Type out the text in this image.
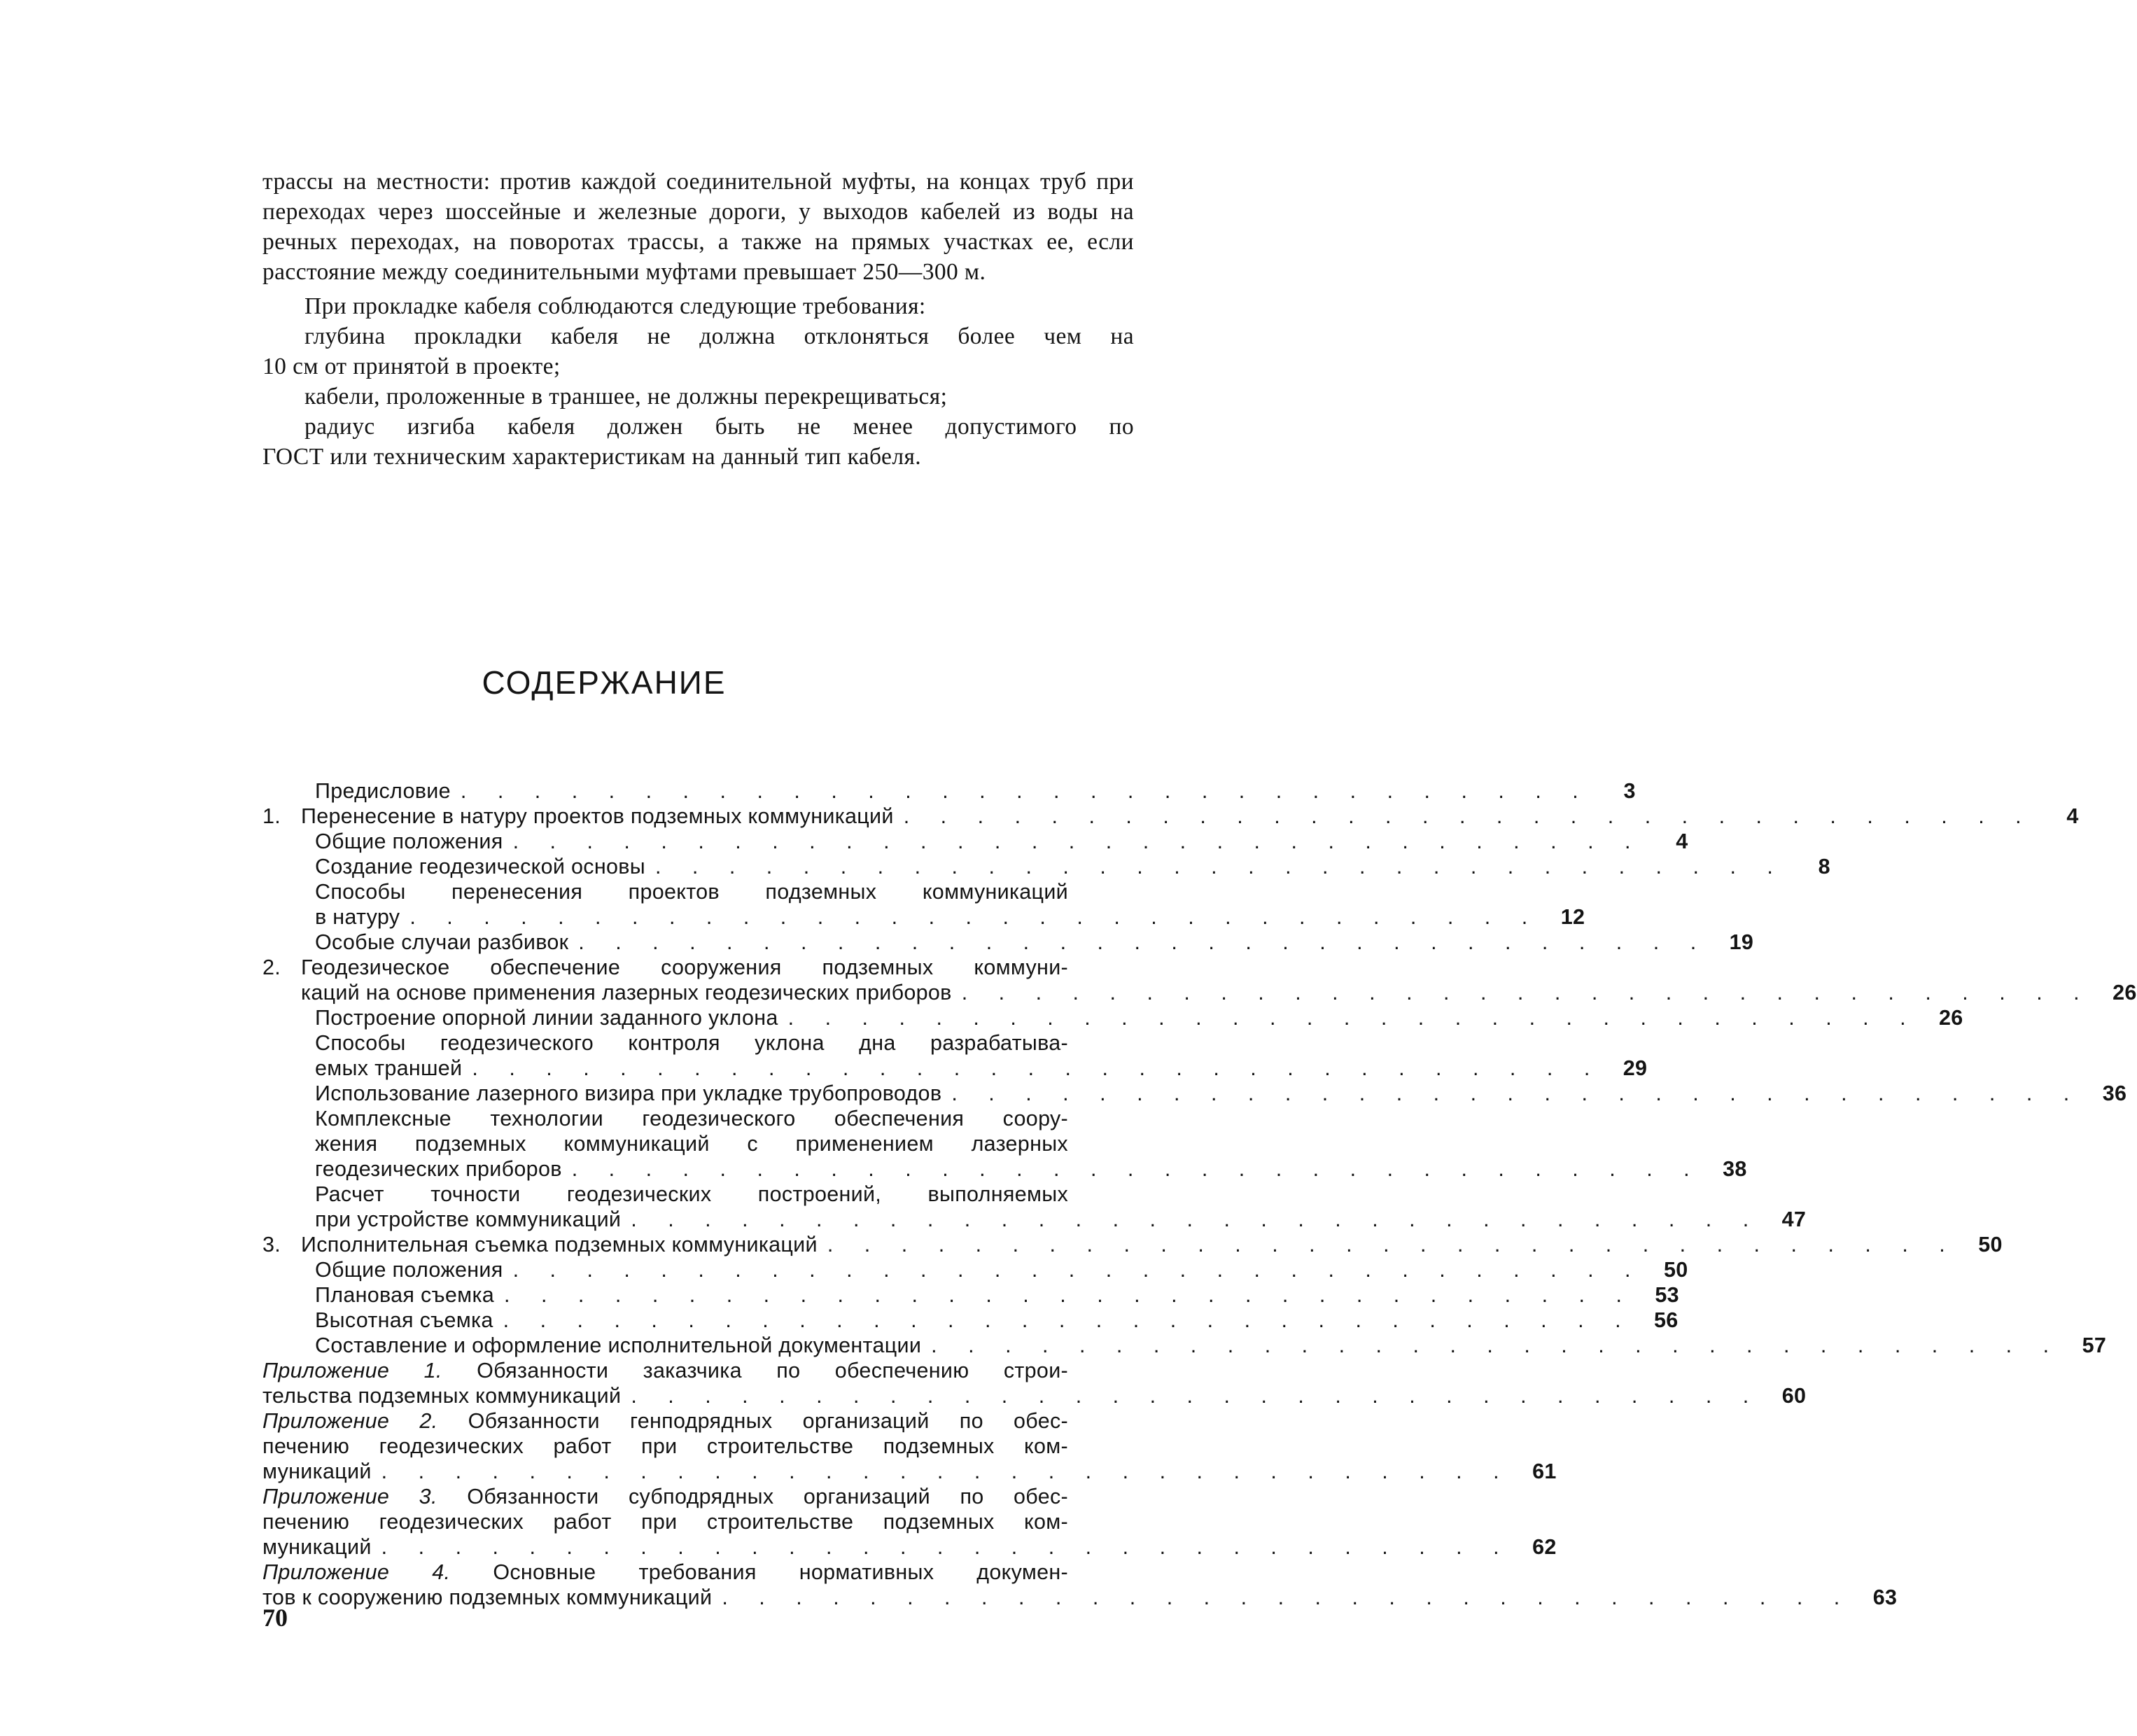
трассы на местности: против каждой соединительной муфты, на концах труб при переходах через шоссейные и железные дороги, у выходов кабелей из воды на речных переходах, на поворотах трассы, а также на прямых участках ее, если расстояние между соединительными муфтами превышает 250—300 м.

При прокладке кабеля соблюдаются следующие требования:

глубина прокладки кабеля не должна отклоняться более чем на

10 см от принятой в проекте;

кабели, проложенные в траншее, не должны перекрещиваться;

радиус изгиба кабеля должен быть не менее допустимого по

ГОСТ или техническим характеристикам на данный тип кабеля.

СОДЕРЖАНИЕ
Предисловие . . . . . . . . . . . . . . . . . . . . . . . . . . . . . . .	3
1. Перенесение в натуру проектов подземных коммуникаций . . . . . . . . . . . . . . . . . . . . . . . . . . . . . . .	4
Общие положения . . . . . . . . . . . . . . . . . . . . . . . . . . . . . . .	4
Создание геодезической основы . . . . . . . . . . . . . . . . . . . . . . . . . . . . . . .	8
Способы перенесения проектов подземных коммуникаций
в натуру . . . . . . . . . . . . . . . . . . . . . . . . . . . . . . . 12
Особые случаи разбивок . . . . . . . . . . . . . . . . . . . . . . . . . . . . . . . 19
2. Геодезическое обеспечение сооружения подземных коммуни-
каций на основе применения лазерных геодезических приборов . . . . . . . . . . . . . . . . . . . . . . . . . . . . . . . 26
Построение опорной линии заданного уклона . . . . . . . . . . . . . . . . . . . . . . . . . . . . . . . 26
Способы геодезического контроля уклона дна разрабатыва-
емых траншей . . . . . . . . . . . . . . . . . . . . . . . . . . . . . . . 29
Использование лазерного визира при укладке трубопроводов . . . . . . . . . . . . . . . . . . . . . . . . . . . . . . . 36
Комплексные технологии геодезического обеспечения соору-
жения подземных коммуникаций с применением лазерных
геодезических приборов . . . . . . . . . . . . . . . . . . . . . . . . . . . . . . . 38
Расчет точности геодезических построений, выполняемых
при устройстве коммуникаций . . . . . . . . . . . . . . . . . . . . . . . . . . . . . . . 47
3. Исполнительная съемка подземных коммуникаций . . . . . . . . . . . . . . . . . . . . . . . . . . . . . . . 50
Общие положения . . . . . . . . . . . . . . . . . . . . . . . . . . . . . . . 50
Плановая съемка . . . . . . . . . . . . . . . . . . . . . . . . . . . . . . . 53
Высотная съемка . . . . . . . . . . . . . . . . . . . . . . . . . . . . . . . 56
Составление и оформление исполнительной документации . . . . . . . . . . . . . . . . . . . . . . . . . . . . . . . 57
Приложение 1. Обязанности заказчика по обеспечению строи-
тельства подземных коммуникаций . . . . . . . . . . . . . . . . . . . . . . . . . . . . . . . 60
Приложение 2. Обязанности генподрядных организаций по обес-
печению геодезических работ при строительстве подземных ком-
муникаций . . . . . . . . . . . . . . . . . . . . . . . . . . . . . . . 61
Приложение 3. Обязанности субподрядных организаций по обес-
печению геодезических работ при строительстве подземных ком-
муникаций . . . . . . . . . . . . . . . . . . . . . . . . . . . . . . . 62
Приложение 4. Основные требования нормативных докумен-
тов к сооружению подземных коммуникаций . . . . . . . . . . . . . . . . . . . . . . . . . . . . . . . 63
70
